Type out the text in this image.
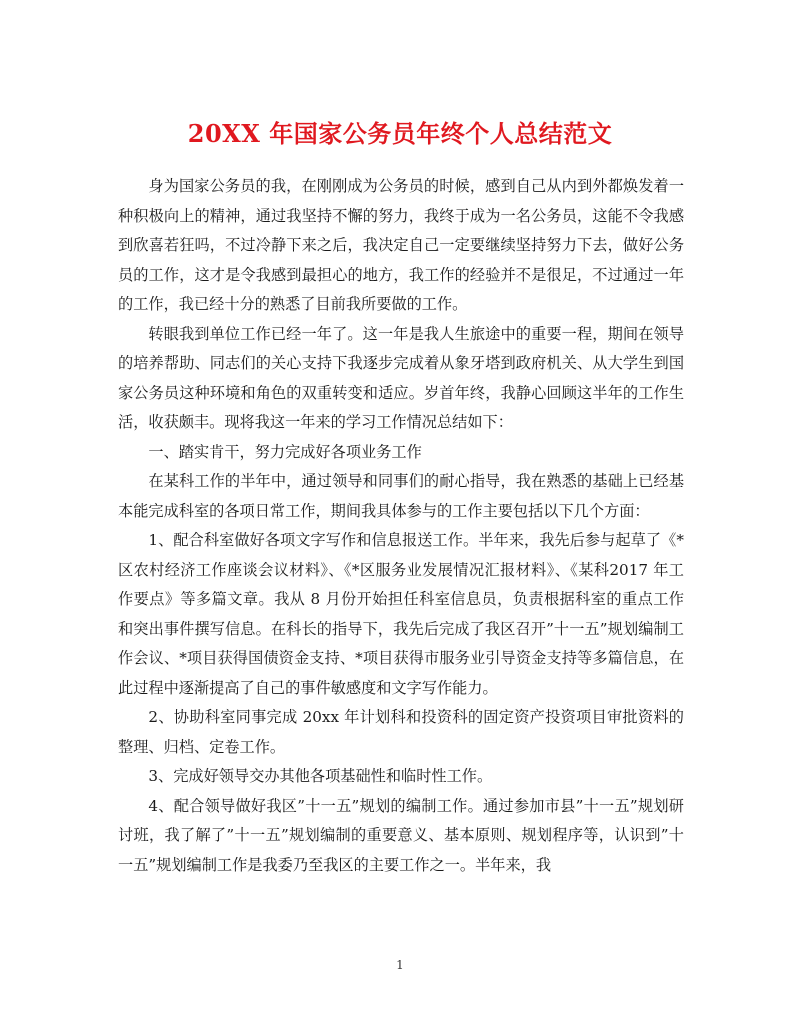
20XX 年国家公务员年终个人总结范文

身为国家公务员的我，在刚刚成为公务员的时候，感到自己从内到外都焕发着一种积极向上的精神，通过我坚持不懈的努力，我终于成为一名公务员，这能不令我感到欣喜若狂吗，不过冷静下来之后，我决定自己一定要继续坚持努力下去，做好公务员的工作，这才是令我感到最担心的地方，我工作的经验并不是很足，不过通过一年的工作，我已经十分的熟悉了目前我所要做的工作。

转眼我到单位工作已经一年了。这一年是我人生旅途中的重要一程，期间在领导的培养帮助、同志们的关心支持下我逐步完成着从象牙塔到政府机关、从大学生到国家公务员这种环境和角色的双重转变和适应。岁首年终，我静心回顾这半年的工作生活，收获颇丰。现将我这一年来的学习工作情况总结如下：

一、踏实肯干，努力完成好各项业务工作

在某科工作的半年中，通过领导和同事们的耐心指导，我在熟悉的基础上已经基本能完成科室的各项日常工作，期间我具体参与的工作主要包括以下几个方面：

1、配合科室做好各项文字写作和信息报送工作。半年来，我先后参与起草了《*区农村经济工作座谈会议材料》、《*区服务业发展情况汇报材料》、《某科2017 年工作要点》等多篇文章。我从 8 月份开始担任科室信息员，负责根据科室的重点工作和突出事件撰写信息。在科长的指导下，我先后完成了我区召开”十一五”规划编制工作会议、*项目获得国债资金支持、*项目获得市服务业引导资金支持等多篇信息，在此过程中逐渐提高了自己的事件敏感度和文字写作能力。

2、协助科室同事完成 20xx 年计划科和投资科的固定资产投资项目审批资料的整理、归档、定卷工作。

3、完成好领导交办其他各项基础性和临时性工作。

4、配合领导做好我区”十一五”规划的编制工作。通过参加市县”十一五”规划研讨班，我了解了”十一五”规划编制的重要意义、基本原则、规划程序等，认识到”十一五”规划编制工作是我委乃至我区的主要工作之一。半年来，我

1
